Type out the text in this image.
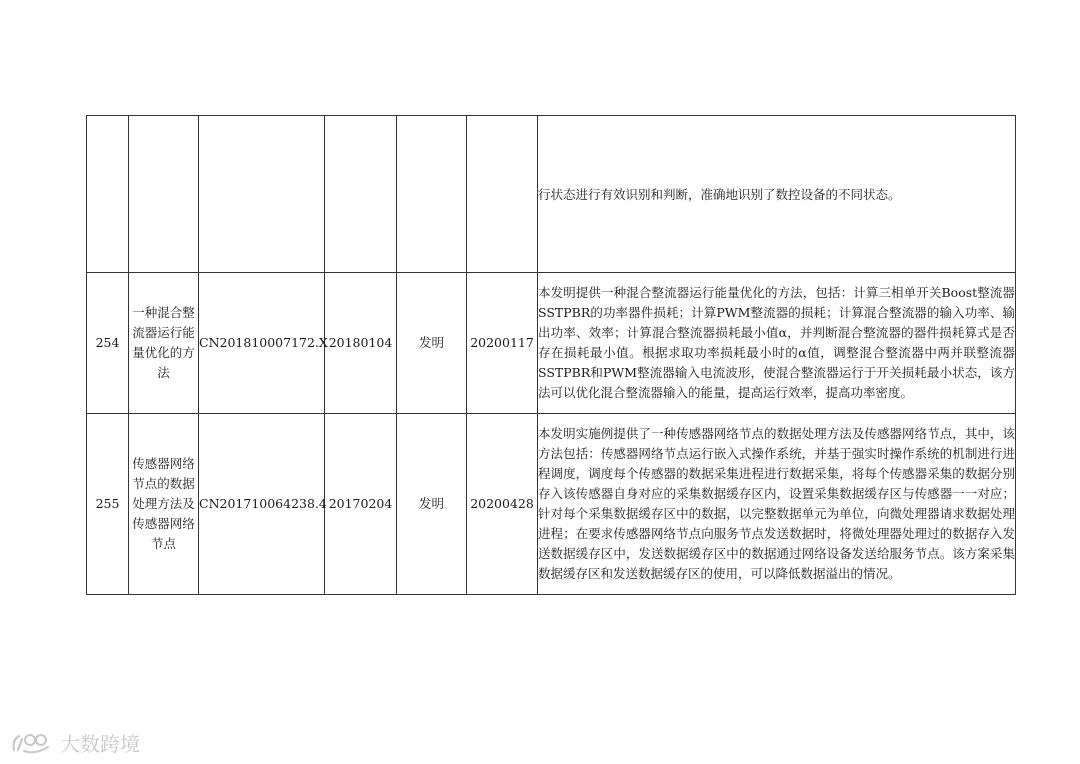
						行状态进行有效识别和判断，准确地识别了数控设备的不同状态。
254	一种混合整流器运行能量优化的方法	CN201810007172.X	20180104	发明	20200117	本发明提供一种混合整流器运行能量优化的方法，包括：计算三相单开关Boost整流器SSTPBR的功率器件损耗；计算PWM整流器的损耗；计算混合整流器的输入功率、输出功率、效率；计算混合整流器损耗最小值α，并判断混合整流器的器件损耗算式是否存在损耗最小值。根据求取功率损耗最小时的α值，调整混合整流器中两并联整流器SSTPBR和PWM整流器输入电流波形，使混合整流器运行于开关损耗最小状态，该方法可以优化混合整流器输入的能量，提高运行效率，提高功率密度。
255	传感器网络节点的数据处理方法及传感器网络节点	CN201710064238.4	20170204	发明	20200428	本发明实施例提供了一种传感器网络节点的数据处理方法及传感器网络节点，其中，该方法包括：传感器网络节点运行嵌入式操作系统，并基于强实时操作系统的机制进行进程调度，调度每个传感器的数据采集进程进行数据采集，将每个传感器采集的数据分别存入该传感器自身对应的采集数据缓存区内，设置采集数据缓存区与传感器一一对应；针对每个采集数据缓存区中的数据，以完整数据单元为单位，向微处理器请求数据处理进程；在要求传感器网络节点向服务节点发送数据时，将微处理器处理过的数据存入发送数据缓存区中，发送数据缓存区中的数据通过网络设备发送给服务节点。该方案采集数据缓存区和发送数据缓存区的使用，可以降低数据溢出的情况。
大数跨境
